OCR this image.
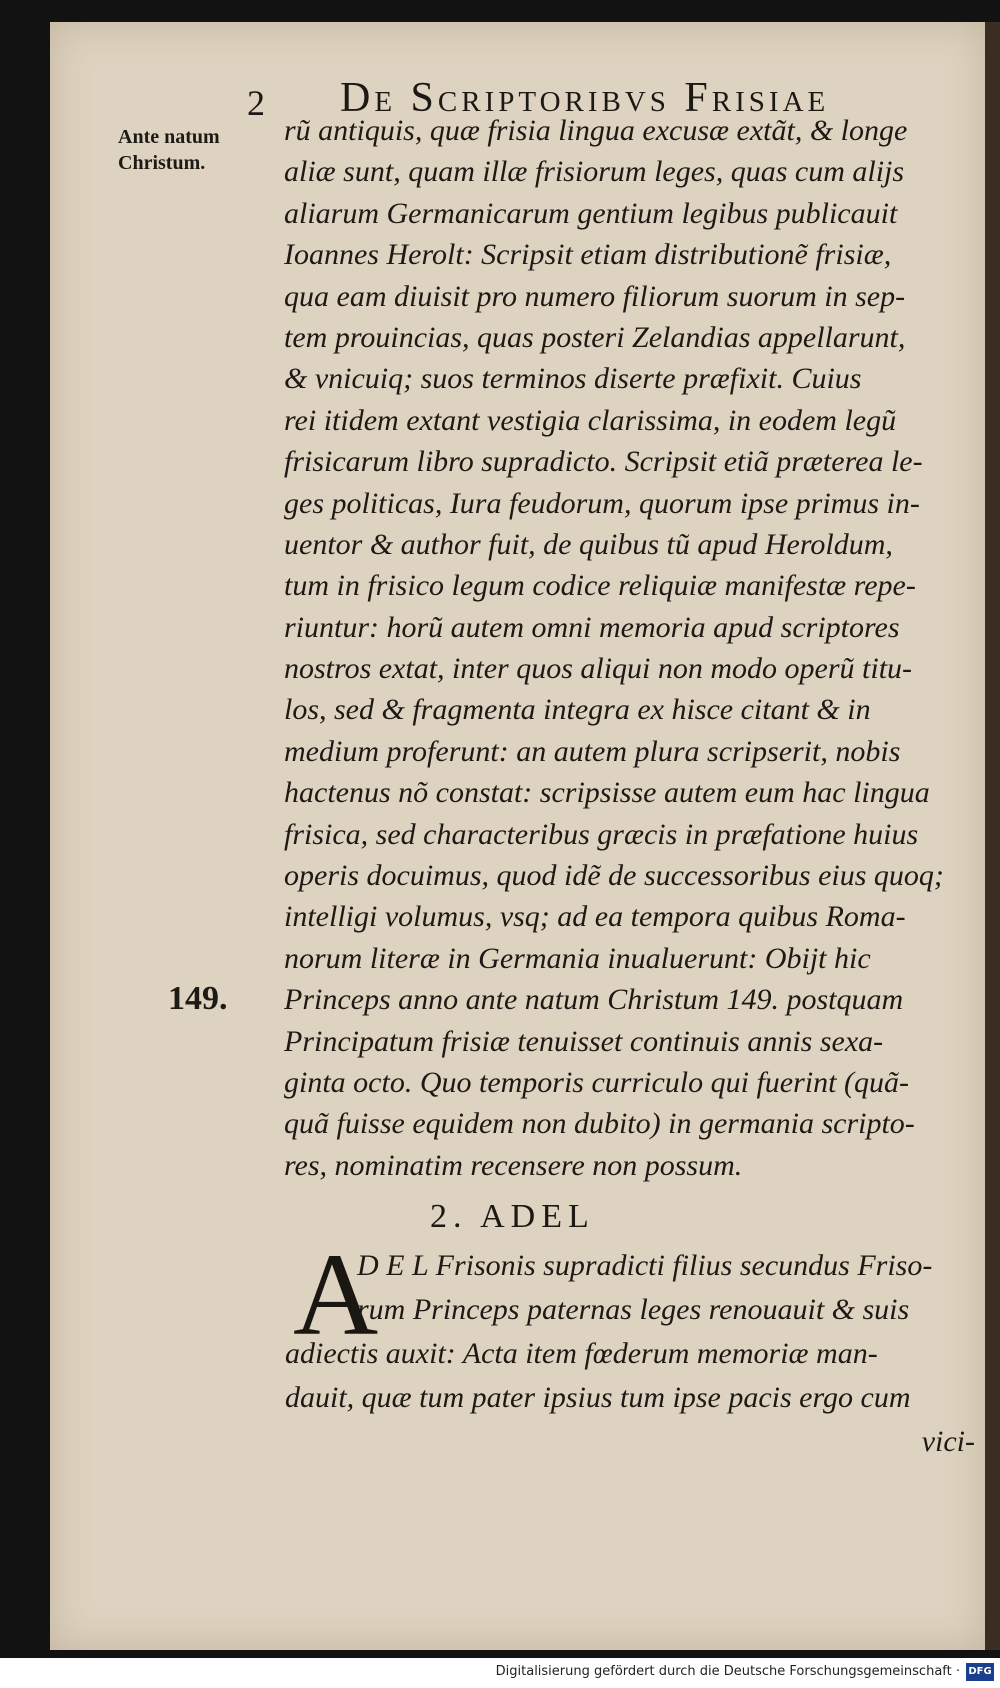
2 De Scriptoribvs Frisiae
Ante natum Christum.
149.
rũ antiquis, quæ frisia lingua excusæ extãt, & longe
aliæ sunt, quam illæ frisiorum leges, quas cum alijs
aliarum Germanicarum gentium legibus publicauit
Ioannes Herolt: Scripsit etiam distributionẽ frisiæ,
qua eam diuisit pro numero filiorum suorum in sep-
tem prouincias, quas posteri Zelandias appellarunt,
& vnicuiq; suos terminos diserte præfixit. Cuius
rei itidem extant vestigia clarissima, in eodem legũ
frisicarum libro supradicto. Scripsit etiã præterea le-
ges politicas, Iura feudorum, quorum ipse primus in-
uentor & author fuit, de quibus tũ apud Heroldum,
tum in frisico legum codice reliquiæ manifestæ repe-
riuntur: horũ autem omni memoria apud scriptores
nostros extat, inter quos aliqui non modo operũ titu-
los, sed & fragmenta integra ex hisce citant & in
medium proferunt: an autem plura scripserit, nobis
hactenus nõ constat: scripsisse autem eum hac lingua
frisica, sed characteribus græcis in præfatione huius
operis docuimus, quod idẽ de successoribus eius quoq;
intelligi volumus, vsq; ad ea tempora quibus Roma-
norum literæ in Germania inualuerunt: Obijt hic
Princeps anno ante natum Christum 149. postquam
Principatum frisiæ tenuisset continuis annis sexa-
ginta octo. Quo temporis curriculo qui fuerint (quã-
quã fuisse equidem non dubito) in germania scripto-
res, nominatim recensere non possum.
2. ADEL
A
D E L Frisonis supradicti filius secundus Friso-
rum Princeps paternas leges renouauit & suis
adiectis auxit: Acta item fœderum memoriæ man-
dauit, quæ tum pater ipsius tum ipse pacis ergo cum
vici-
Digitalisierung gefördert durch die Deutsche Forschungsgemeinschaft · DFG
